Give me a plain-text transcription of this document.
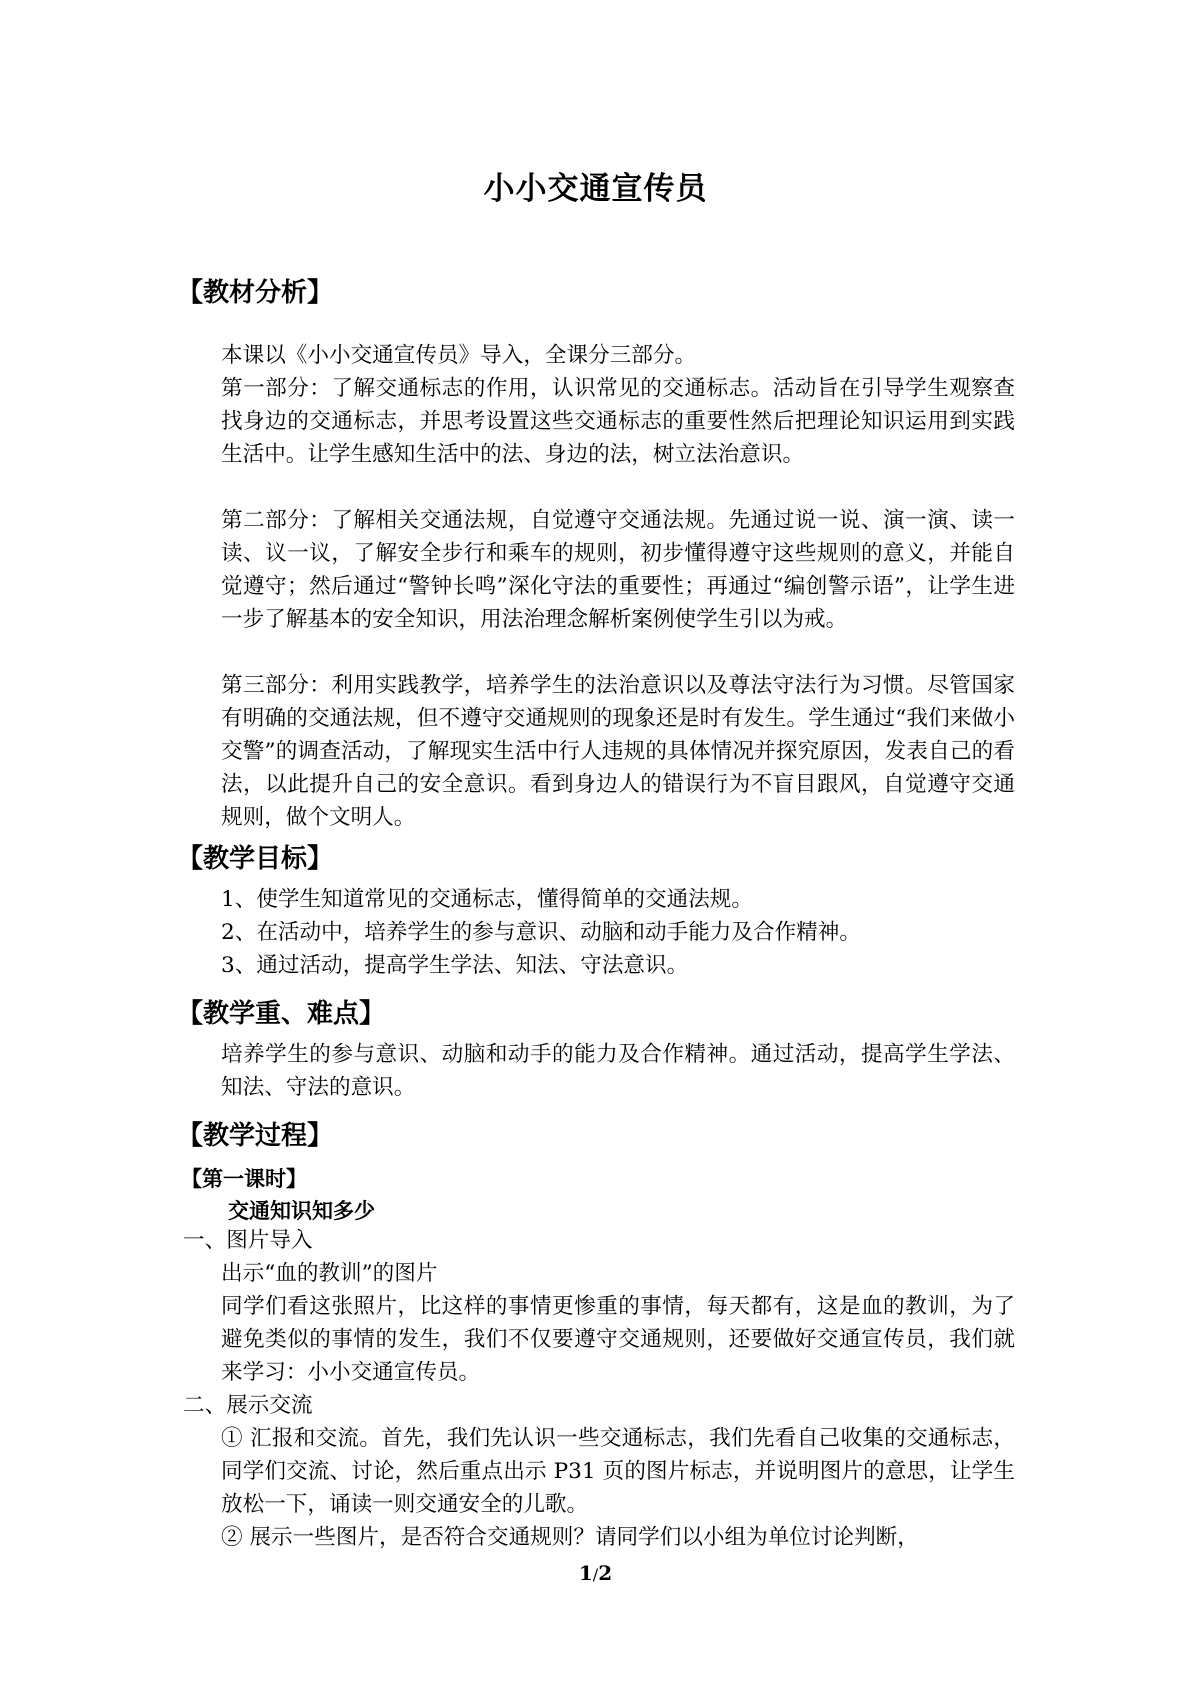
小小交通宣传员
【教材分析】
本课以《小小交通宣传员》导入，全课分三部分。
第一部分：了解交通标志的作用，认识常见的交通标志。活动旨在引导学生观察查找身边的交通标志，并思考设置这些交通标志的重要性然后把理论知识运用到实践生活中。让学生感知生活中的法、身边的法，树立法治意识。
第二部分：了解相关交通法规，自觉遵守交通法规。先通过说一说、演一演、读一读、议一议，了解安全步行和乘车的规则，初步懂得遵守这些规则的意义，并能自觉遵守；然后通过“警钟长鸣”深化守法的重要性；再通过“编创警示语”，让学生进一步了解基本的安全知识，用法治理念解析案例使学生引以为戒。
第三部分：利用实践教学，培养学生的法治意识以及尊法守法行为习惯。尽管国家有明确的交通法规，但不遵守交通规则的现象还是时有发生。学生通过“我们来做小交警”的调查活动，了解现实生活中行人违规的具体情况并探究原因，发表自己的看法，以此提升自己的安全意识。看到身边人的错误行为不盲目跟风，自觉遵守交通规则，做个文明人。
【教学目标】
1、使学生知道常见的交通标志，懂得简单的交通法规。
2、在活动中，培养学生的参与意识、动脑和动手能力及合作精神。
3、通过活动，提高学生学法、知法、守法意识。
【教学重、难点】
培养学生的参与意识、动脑和动手的能力及合作精神。通过活动，提高学生学法、知法、守法的意识。
【教学过程】
【第一课时】
交通知识知多少
一、图片导入
出示“血的教训”的图片
同学们看这张照片，比这样的事情更惨重的事情，每天都有，这是血的教训，为了避免类似的事情的发生，我们不仅要遵守交通规则，还要做好交通宣传员，我们就来学习：小小交通宣传员。
二、展示交流
① 汇报和交流。首先，我们先认识一些交通标志，我们先看自己收集的交通标志，同学们交流、讨论，然后重点出示 P31 页的图片标志，并说明图片的意思，让学生放松一下，诵读一则交通安全的儿歌。
② 展示一些图片，是否符合交通规则？请同学们以小组为单位讨论判断，
1/2
